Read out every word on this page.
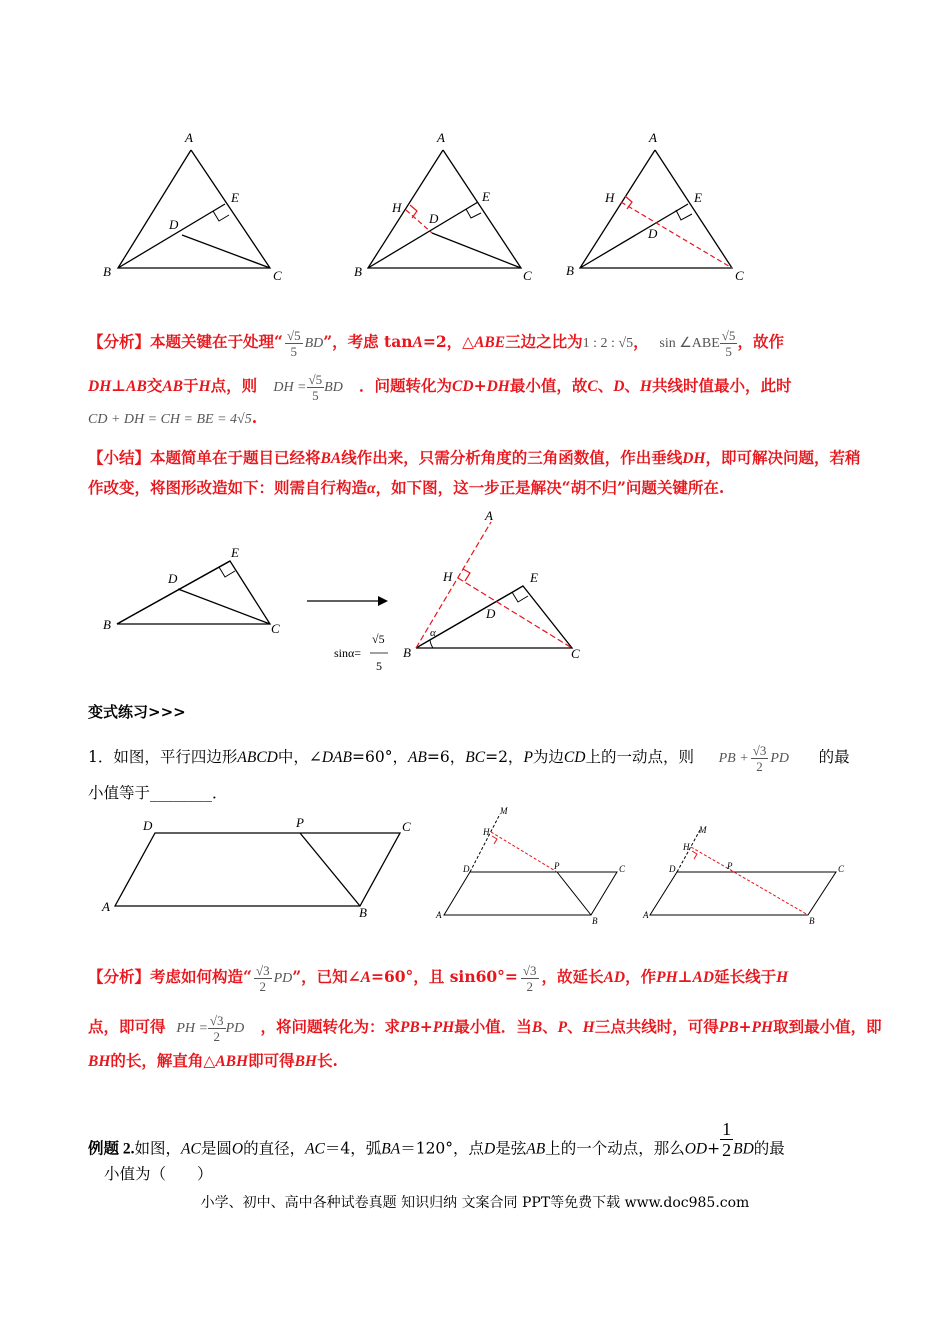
A
E
D
B	C
A
E
H
D
B	C
A
E
H
D
B	C
【分析】本题关键在于处理“ $\frac{√5}{5}$ BD”，考虑 tanA=2，△ABE三边之比为1 : 2 : √5， sin ∠ABE $\frac{√5}{5}$ ，故作
DH⊥AB交AB于H点，则 DH = $\frac{√5}{5}$ BD ．问题转化为CD+DH最小值，故C、D、H共线时值最小，此时
CD + DH = CH = BE = 4√5.
【小结】本题简单在于题目已经将BA线作出来，只需分析角度的三角函数值，作出垂线DH，即可解决问题，若稍作改变，将图形改造如下：则需自行构造α，如下图，这一步正是解决“胡不归”问题关键所在.
E
D
B	C
A
H	E
D
α
B	C
sinα=
√5
5
变式练习>>>
1．如图，平行四边形ABCD中，∠DAB=60°，AB=6，BC=2，P为边CD上的一动点，则 PB + $\frac{√3}{2}$ PD 的最
小值等于________．
D	P	C
A	B
M
H
D	P	C
A
B
M
H
D	P	C
A
B
【分析】考虑如何构造“ $\frac{√3}{2}$ PD”，已知∠A=60°，且 $\sin 60^\circ= \frac{√3}{2}$ ，故延长AD，作PH⊥AD延长线于H
点，即可得 PH = $\frac{√3}{2}$ PD ，将问题转化为：求PB+PH最小值．当B、P、H三点共线时，可得PB+PH取到最小值，即
BH的长，解直角△ABH即可得BH长.
例题 2.如图，AC是圆O的直径，AC＝4，弧BA＝120°，点D是弦AB上的一个动点，那么$OD+ \frac{1}{2}$ BD的最
小值为（　　）
小学、初中、高中各种试卷真题 知识归纳 文案合同 PPT等免费下载 www.doc985.com
